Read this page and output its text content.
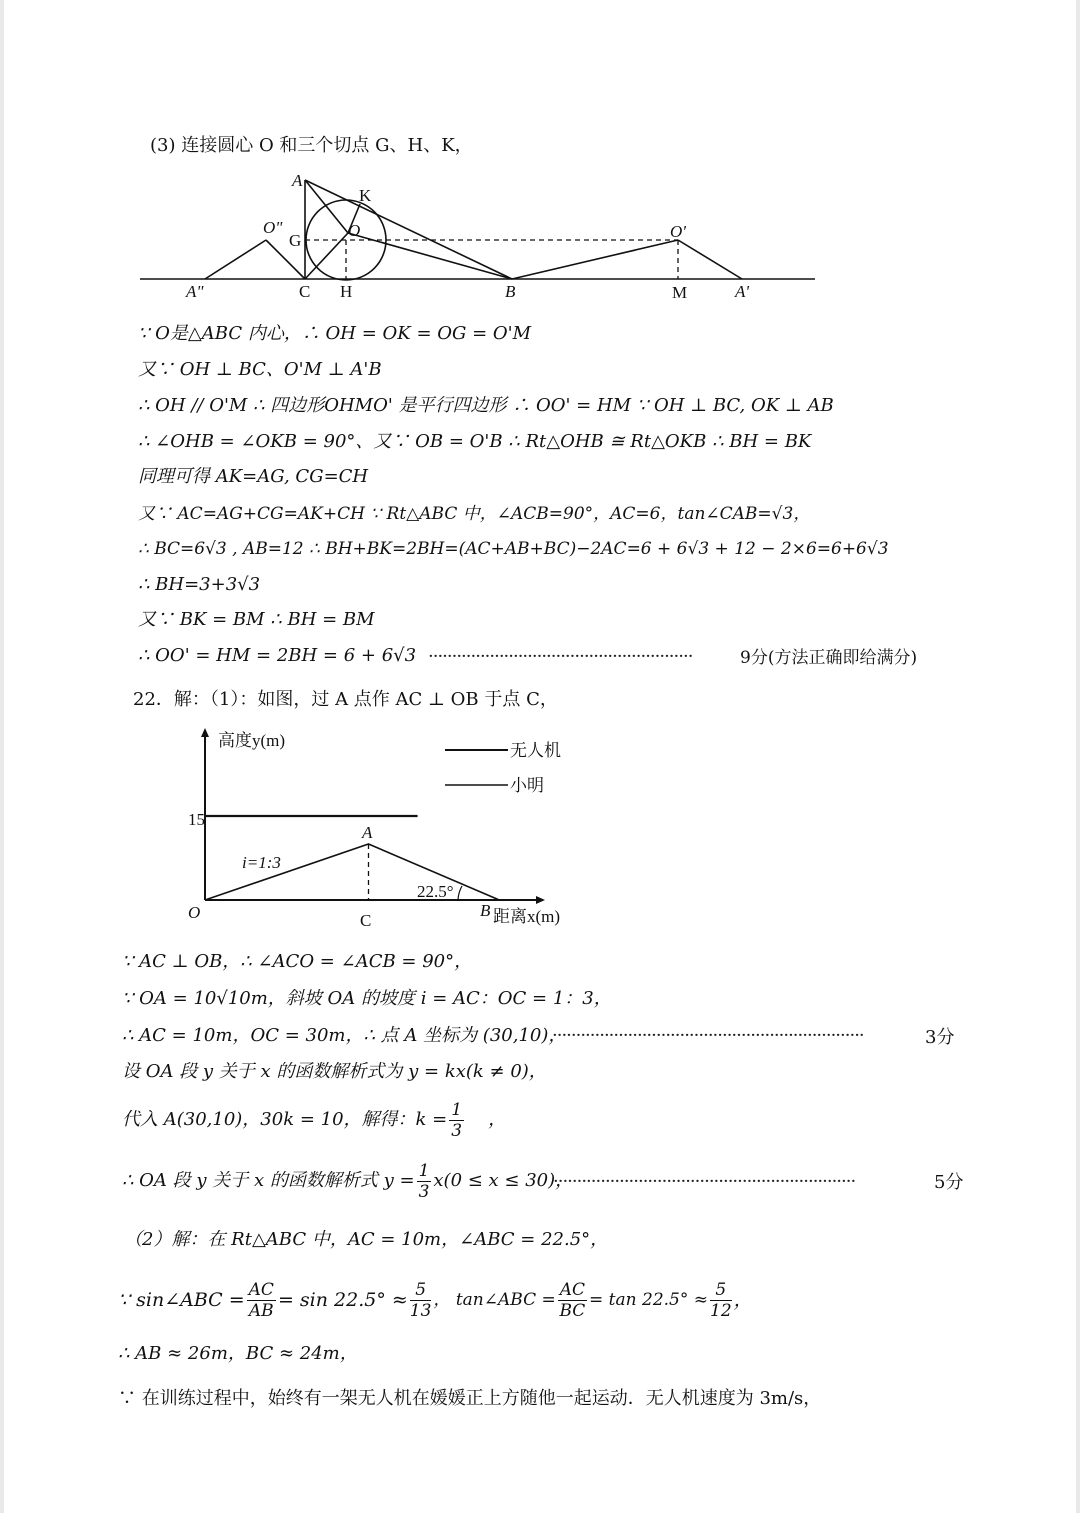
(3) 连接圆心 O 和三个切点 G、H、K，
A
K
O"
G
O	O'
A"	C H	B	M	A'
∵ O是△ABC 内心，∴ OH = OK = OG = O'M
又∵ OH ⊥ BC、O'M ⊥ A'B
∴ OH // O'M ∴ 四边形OHMO' 是平行四边形 ∴ OO' = HM ∵ OH ⊥ BC, OK ⊥ AB
∴ ∠OHB = ∠OKB = 90°、又∵ OB = O'B ∴ Rt△OHB ≅ Rt△OKB ∴ BH = BK
同理可得 AK=AG, CG=CH
又∵ AC=AG+CG=AK+CH ∵ Rt△ABC 中，∠ACB=90°，AC=6，tan∠CAB=√3，
∴ BC=6√3 , AB=12 ∴ BH+BK=2BH=(AC+AB+BC)−2AC=6 + 6√3 + 12 − 2×6=6+6√3
∴ BH=3+3√3
又∵ BK = BM ∴ BH = BM
∴ OO' = HM = 2BH = 6 + 6√3 ························································	9分(方法正确即给满分)
22．解：（1）：如图，过 A 点作 AC ⊥ OB 于点 C，
高度y(m)
距离x(m)
15
无人机
小明
A
C
O	B
i=1:3
22.5°
∵ AC ⊥ OB，∴ ∠ACO = ∠ACB = 90°，
∵ OA = 10√10m，斜坡 OA 的坡度 i = AC：OC = 1：3，
∴ AC = 10m，OC = 30m，∴ 点 A 坐标为 (30,10)，
··································································	3分
设 OA 段 y 关于 x 的函数解析式为 y = kx(k ≠ 0)，
代入 A(30,10)，30k = 10，解得：$k = \frac{1}{3}$ ，
∴ OA 段 y 关于 x 的函数解析式 $y = \frac{1}{3} x(0 \le x \le 30)$，
································································	5分
（2）解：在 Rt△ABC 中，AC = 10m，∠ABC = 22.5°，
∵ sin∠ABC = $\frac{AC}{AB} = \sin 22.5^\circ \approx \frac{5}{13}$ ， tan∠ABC = $\frac{AC}{BC} = \tan 22.5^\circ \approx \frac{5}{12}$ ，
∴ AB ≈ 26m，BC ≈ 24m，
∵ 在训练过程中，始终有一架无人机在媛媛正上方随他一起运动．无人机速度为 3m/s，
